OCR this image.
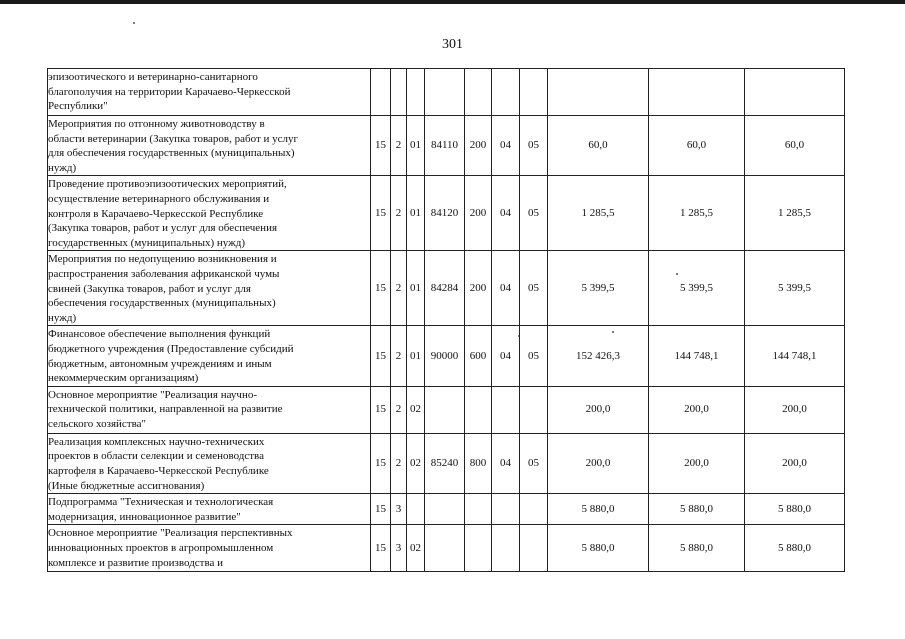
301
эпизоотического и ветеринарно-санитарного
благополучия на территории Карачаево-Черкесской
Республики"										

Мероприятия по отгонному животноводству в
области ветеринарии (Закупка товаров, работ и услуг
для обеспечения государственных (муниципальных)
нужд)	15	2	01	84110	200	04	05	60,0	60,0	60,0

Проведение противоэпизоотических мероприятий,
осуществление ветеринарного обслуживания и
контроля в Карачаево-Черкесской Республике
(Закупка товаров, работ и услуг для обеспечения
государственных (муниципальных) нужд)	15	2	01	84120	200	04	05	1 285,5	1 285,5	1 285,5

Мероприятия по недопущению возникновения и
распространения заболевания африканской чумы
свиней (Закупка товаров, работ и услуг для
обеспечения государственных (муниципальных)
нужд)	15	2	01	84284	200	04	05	5 399,5	5 399,5	5 399,5

Финансовое обеспечение выполнения функций
бюджетного учреждения (Предоставление субсидий
бюджетным, автономным учреждениям и иным
некоммерческим организациям)	15	2	01	90000	600	04	05	152 426,3	144 748,1	144 748,1

Основное мероприятие "Реализация научно-
технической политики, направленной на развитие
сельского хозяйства"	15	2	02					200,0	200,0	200,0

Реализация комплексных научно-технических
проектов в области селекции и семеноводства
картофеля в Карачаево-Черкесской Республике
(Иные бюджетные ассигнования)	15	2	02	85240	800	04	05	200,0	200,0	200,0

Подпрограмма "Техническая и технологическая
модернизация, инновационное развитие"	15	3						5 880,0	5 880,0	5 880,0

Основное мероприятие "Реализация перспективных
инновационных проектов в агропромышленном
комплексе и развитие производства и	15	3	02					5 880,0	5 880,0	5 880,0
